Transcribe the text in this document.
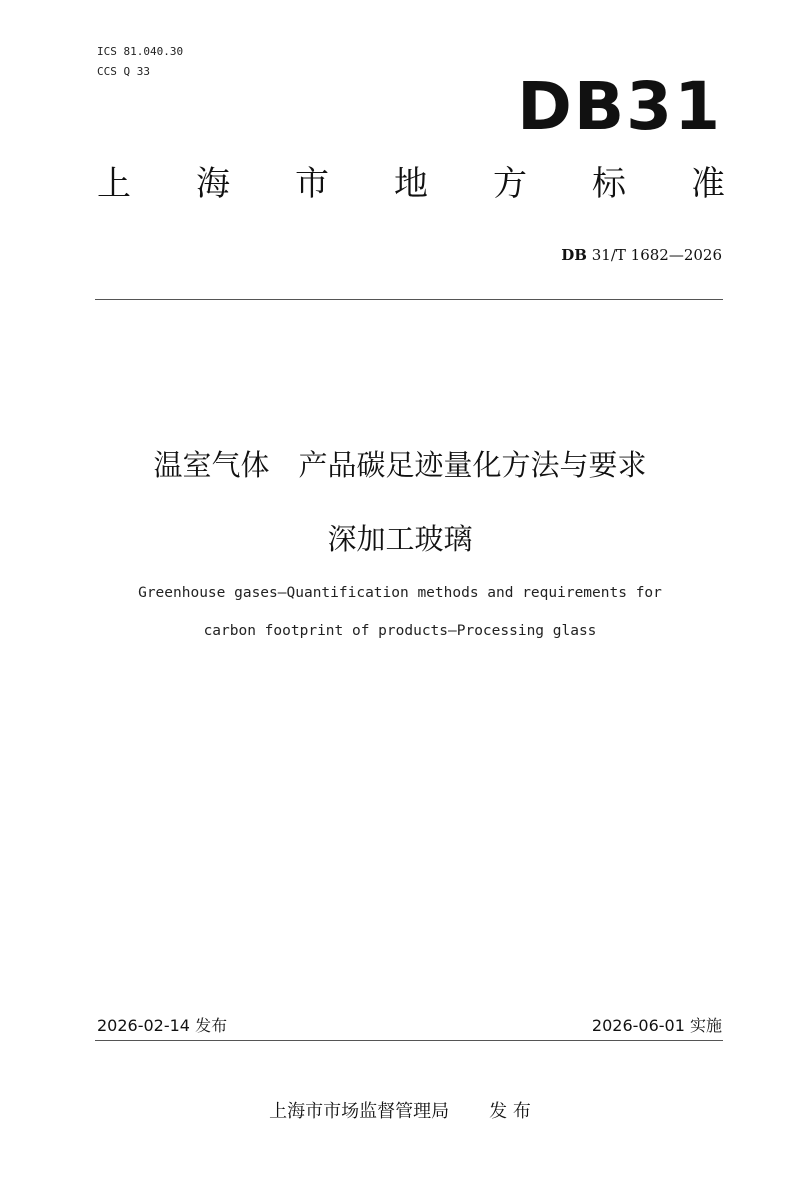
ICS 81.040.30
CCS Q 33	DB31
上 海 市 地 方 标 准
DB 31/T 1682—2026
温室气体　产品碳足迹量化方法与要求
深加工玻璃
Greenhouse gases—Quantification methods and requirements for
carbon footprint of products—Processing glass
2026-02-14 发布	2026-06-01 实施
上海市市场监督管理局 发 布
